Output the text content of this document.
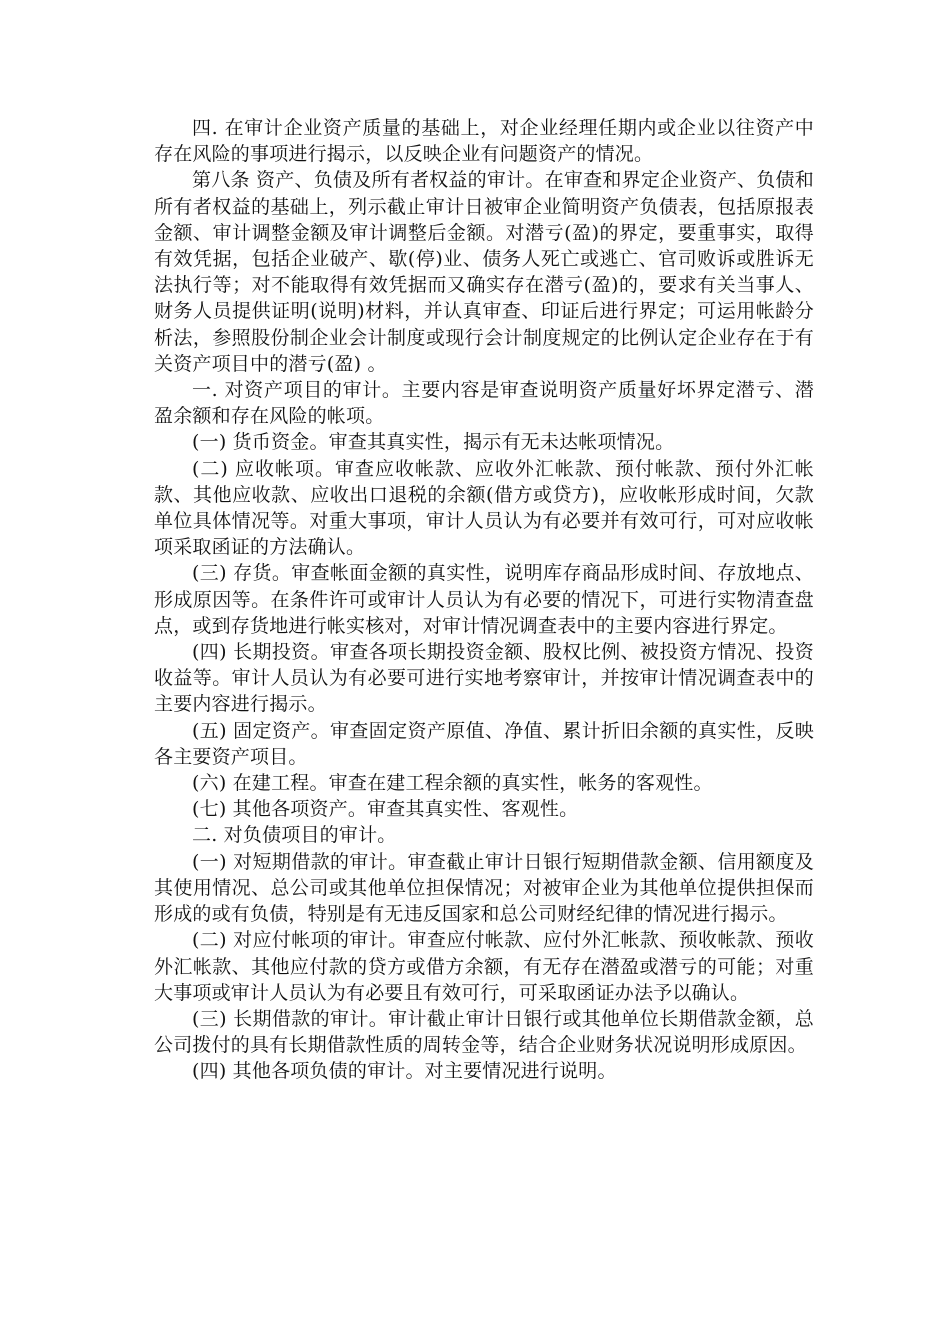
四. 在审计企业资产质量的基础上，对企业经理任期内或企业以往资产中存在风险的事项进行揭示，以反映企业有问题资产的情况。

第八条 资产、负债及所有者权益的审计。在审查和界定企业资产、负债和所有者权益的基础上，列示截止审计日被审企业简明资产负债表，包括原报表金额、审计调整金额及审计调整后金额。对潜亏(盈)的界定，要重事实，取得有效凭据，包括企业破产、歇(停)业、债务人死亡或逃亡、官司败诉或胜诉无法执行等；对不能取得有效凭据而又确实存在潜亏(盈)的，要求有关当事人、财务人员提供证明(说明)材料，并认真审查、印证后进行界定；可运用帐龄分析法，参照股份制企业会计制度或现行会计制度规定的比例认定企业存在于有关资产项目中的潜亏(盈) 。

一. 对资产项目的审计。主要内容是审查说明资产质量好坏界定潜亏、潜盈余额和存在风险的帐项。

(一) 货币资金。审查其真实性，揭示有无未达帐项情况。

(二) 应收帐项。审查应收帐款、应收外汇帐款、预付帐款、预付外汇帐款、其他应收款、应收出口退税的余额(借方或贷方)，应收帐形成时间，欠款单位具体情况等。对重大事项，审计人员认为有必要并有效可行，可对应收帐项采取函证的方法确认。

(三) 存货。审查帐面金额的真实性，说明库存商品形成时间、存放地点、形成原因等。在条件许可或审计人员认为有必要的情况下，可进行实物清查盘点，或到存货地进行帐实核对，对审计情况调查表中的主要内容进行界定。

(四) 长期投资。审查各项长期投资金额、股权比例、被投资方情况、投资收益等。审计人员认为有必要可进行实地考察审计，并按审计情况调查表中的主要内容进行揭示。

(五) 固定资产。审查固定资产原值、净值、累计折旧余额的真实性，反映各主要资产项目。

(六) 在建工程。审查在建工程余额的真实性，帐务的客观性。

(七) 其他各项资产。审查其真实性、客观性。

二. 对负债项目的审计。

(一) 对短期借款的审计。审查截止审计日银行短期借款金额、信用额度及其使用情况、总公司或其他单位担保情况；对被审企业为其他单位提供担保而形成的或有负债，特别是有无违反国家和总公司财经纪律的情况进行揭示。

(二) 对应付帐项的审计。审查应付帐款、应付外汇帐款、预收帐款、预收外汇帐款、其他应付款的贷方或借方余额，有无存在潜盈或潜亏的可能；对重大事项或审计人员认为有必要且有效可行，可采取函证办法予以确认。

(三) 长期借款的审计。审计截止审计日银行或其他单位长期借款金额，总公司拨付的具有长期借款性质的周转金等，结合企业财务状况说明形成原因。

(四) 其他各项负债的审计。对主要情况进行说明。
